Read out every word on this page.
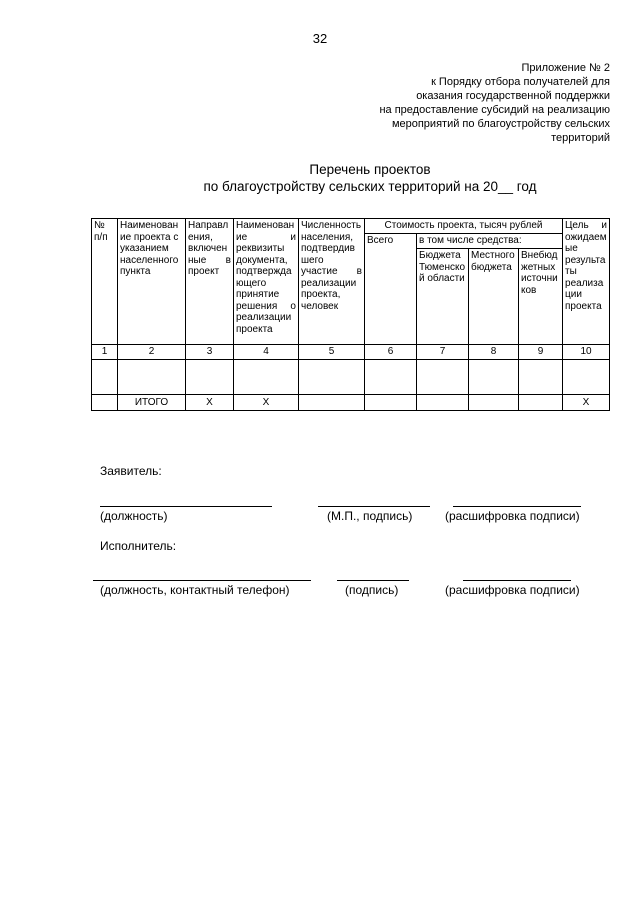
32
Приложение № 2
к Порядку отбора получателей для
оказания государственной поддержки
на предоставление субсидий на реализацию
мероприятий по благоустройству сельских
территорий
Перечень проектов
по благоустройству сельских территорий на 20__ год
№ п/п	Наименование проекта с указанием населенного пункта	Направления, включенные в проект	Наименование и реквизиты документа, подтверждающего принятие решения о реализации проекта	Численность населения, подтвердившего участие в реализации проекта, человек	Стоимость проекта, тысяч рублей				Цель и ожидаемые результаты реализации проекта
					Всего	в том числе средства:			
						Бюджета Тюменской области	Местного бюджета	Внебюджетных источников	
1	2	3	4	5	6	7	8	9	10

	ИТОГО	Х	Х						Х
Заявитель:
(должность)	(М.П., подпись)	(расшифровка подписи)
Исполнитель:
(должность, контактный телефон)	(подпись)	(расшифровка подписи)
